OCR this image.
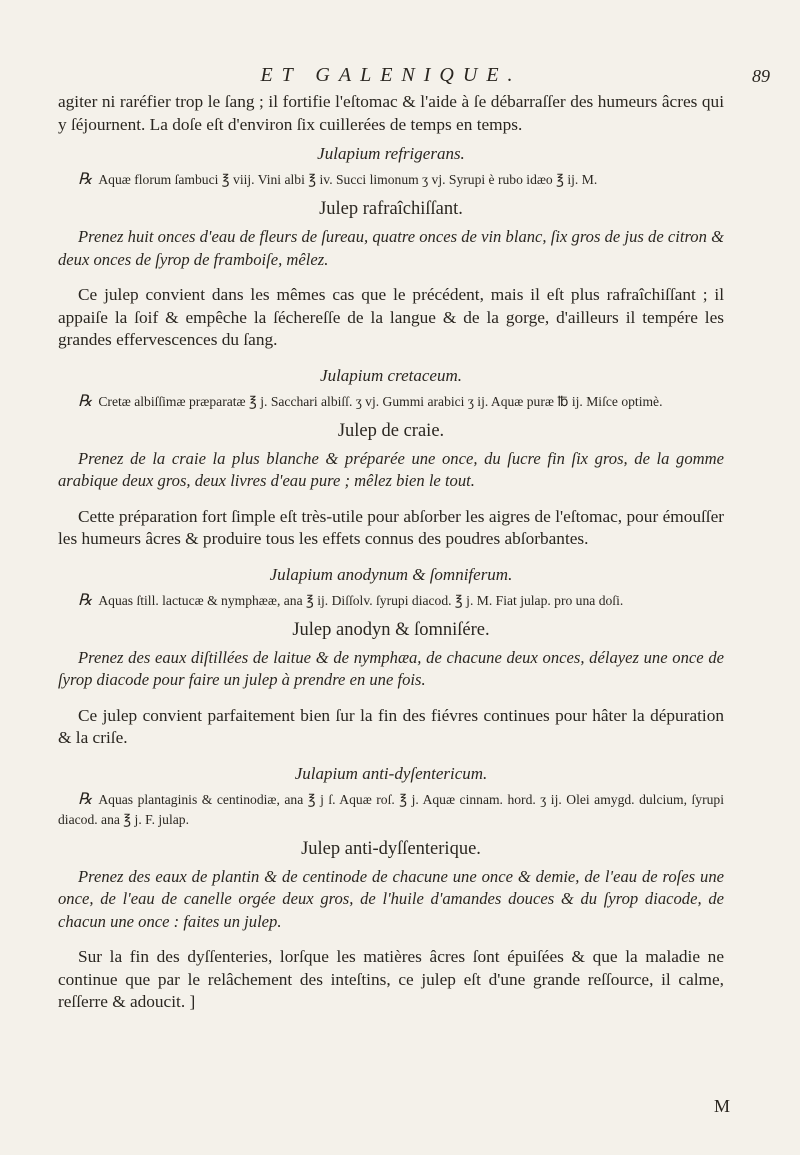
ET GALENIQUE.	89

agiter ni raréfier trop le ſang ; il fortifie l'eſtomac & l'aide à ſe débarraſſer des humeurs âcres qui y ſéjournent. La doſe eſt d'environ ſix cuillerées de temps en temps.

Julapium refrigerans.

℞ Aquæ florum ſambuci ℥ viij. Vini albi ℥ iv. Succi limonum ʒ vj. Syrupi è rubo idæo ℥ ij. M.

Julep rafraîchiſſant.

Prenez huit onces d'eau de fleurs de ſureau, quatre onces de vin blanc, ſix gros de jus de citron & deux onces de ſyrop de framboiſe, mêlez.

Ce julep convient dans les mêmes cas que le précédent, mais il eſt plus rafraîchiſſant ; il appaiſe la ſoif & empêche la ſéchereſſe de la langue & de la gorge, d'ailleurs il tempére les grandes effervescences du ſang.

Julapium cretaceum.

℞ Cretæ albiſſimæ præparatæ ℥ j. Sacchari albiſſ. ʒ vj. Gummi arabici ʒ ij. Aquæ puræ ℔ ij. Miſce optimè.

Julep de craie.

Prenez de la craie la plus blanche & préparée une once, du ſucre fin ſix gros, de la gomme arabique deux gros, deux livres d'eau pure ; mêlez bien le tout.

Cette préparation fort ſimple eſt très-utile pour abſorber les aigres de l'eſtomac, pour émouſſer les humeurs âcres & produire tous les effets connus des poudres abſorbantes.

Julapium anodynum & ſomniferum.

℞ Aquas ſtill. lactucæ & nymphææ, ana ℥ ij. Diſſolv. ſyrupi diacod. ℥ j. M. Fiat julap. pro una doſi.

Julep anodyn & ſomniſére.

Prenez des eaux diſtillées de laitue & de nymphæa, de chacune deux onces, délayez une once de ſyrop diacode pour faire un julep à prendre en une fois.

Ce julep convient parfaitement bien ſur la fin des fiévres continues pour hâter la dépuration & la criſe.

Julapium anti-dyſentericum.

℞ Aquas plantaginis & centinodiæ, ana ℥ j ſ. Aquæ roſ. ℥ j. Aquæ cinnam. hord. ʒ ij. Olei amygd. dulcium, ſyrupi diacod. ana ℥ j. F. julap.

Julep anti-dyſſenterique.

Prenez des eaux de plantin & de centinode de chacune une once & demie, de l'eau de roſes une once, de l'eau de canelle orgée deux gros, de l'huile d'amandes douces & du ſyrop diacode, de chacun une once : faites un julep.

Sur la fin des dyſſenteries, lorſque les matières âcres ſont épuiſées & que la maladie ne continue que par le relâchement des inteſtins, ce julep eſt d'une grande reſſource, il calme, reſſerre & adoucit. ]

M
